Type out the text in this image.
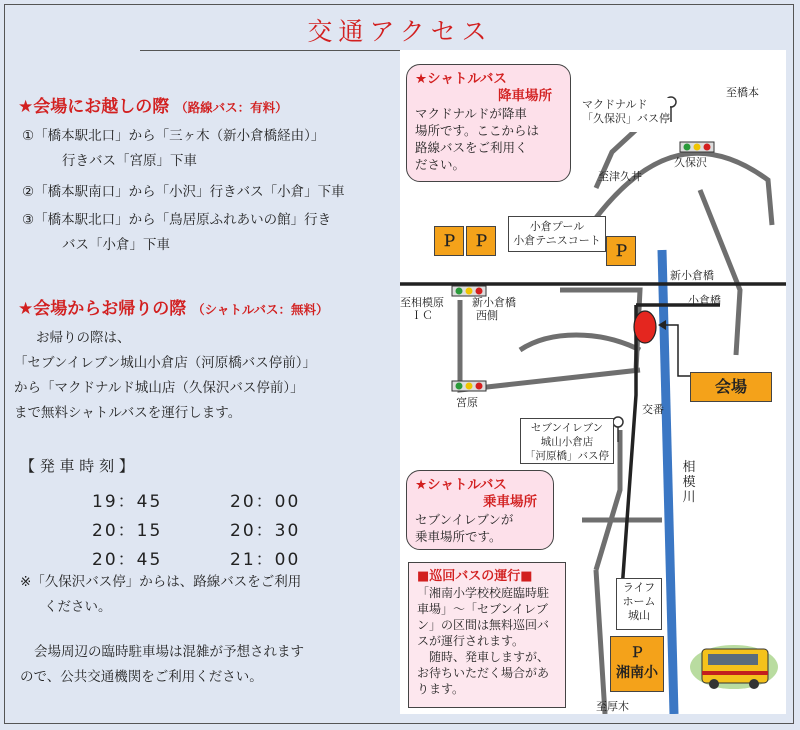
交通アクセス
★会場にお越しの際 （路線バス：有料）
①「橋本駅北口」から「三ヶ木（新小倉橋経由）」
行きバス「宮原」下車
②「橋本駅南口」から「小沢」行きバス「小倉」下車
③「橋本駅北口」から「鳥居原ふれあいの館」行き
バス「小倉」下車
★会場からお帰りの際 （シャトルバス：無料）
お帰りの際は、
「セブンイレブン城山小倉店（河原橋バス停前）」
から「マクドナルド城山店（久保沢バス停前）」
まで無料シャトルバスを運行します。
【 発 車 時 刻 】
19：45	20：00
20：15	20：30
20：45	21：00
※「久保沢バス停」からは、路線バスをご利用
ください。
会場周辺の臨時駐車場は混雑が予想されます
ので、公共交通機関をご利用ください。
★シャトルバス
降車場所
マクドナルドが降車
場所です。ここからは
路線バスをご利用く
ださい。
★シャトルバス
乗車場所
セブンイレブンが
乗車場所です。
■巡回バスの運行■
「湘南小学校校庭臨時駐
車場」～「セブンイレブ
ン」の区間は無料巡回バ
スが運行されます。
　随時、発車しますが、
お待ちいただく場合があ
ります。
マクドナルド
「久保沢」バス停
小倉プール
小倉テニスコート
セブンイレブン
城山小倉店
「河原橋」バス停
ライフ
ホーム
城山
Ｐ	Ｐ
Ｐ
Ｐ
湘南小
会場
至橋本
久保沢
至津久井
新小倉橋
小倉橋
至相模原
ＩＣ
新小倉橋
西側
宮原
交番
相模川
至厚木
